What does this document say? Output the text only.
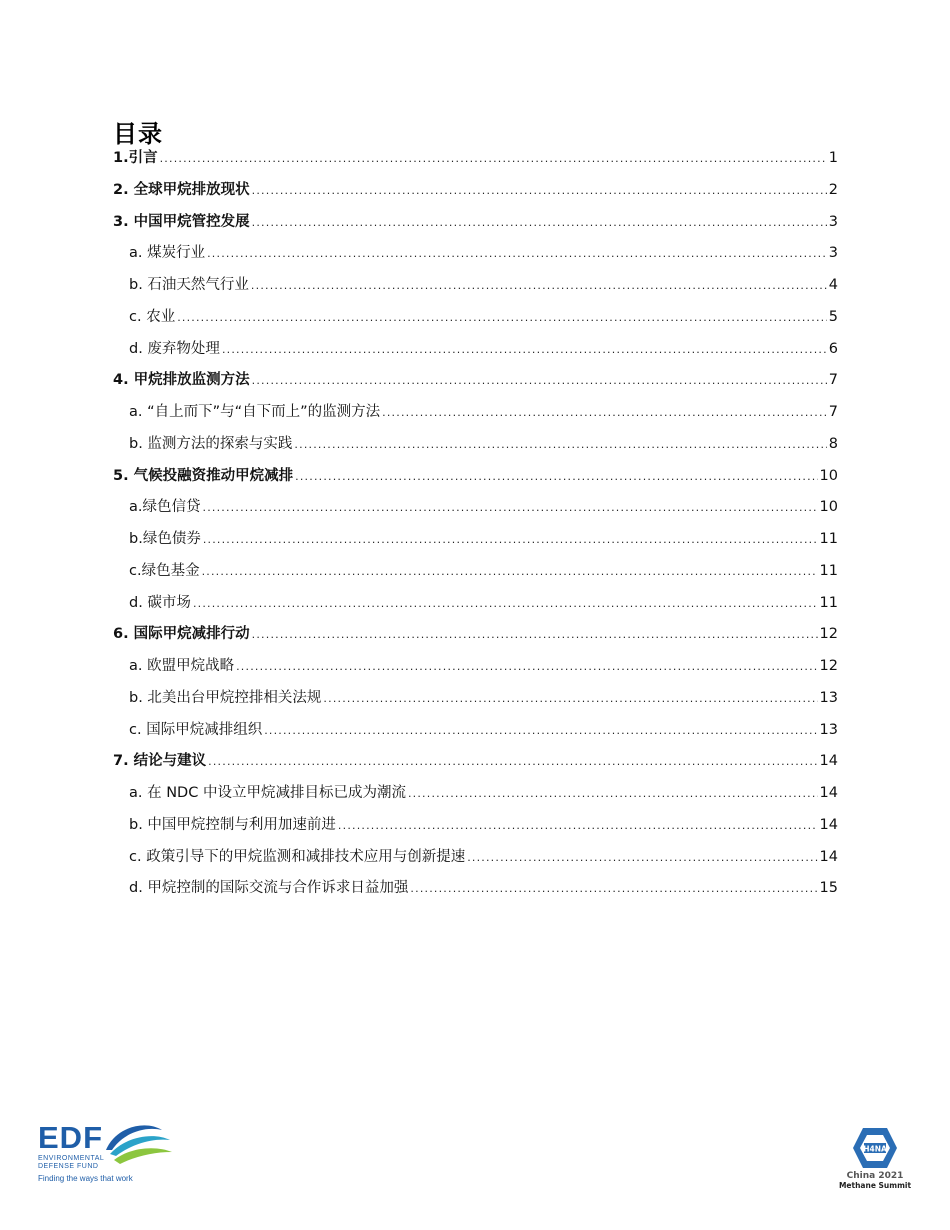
目录
1.引言 .....	1
2. 全球甲烷排放现状 .....	2
3. 中国甲烷管控发展 .....	3
a. 煤炭行业 .....	3
b. 石油天然气行业 .....	4
c. 农业 .....	5
d. 废弃物处理 .....	6
4. 甲烷排放监测方法 .....	7
a. “自上而下”与“自下而上”的监测方法 .....	7
b. 监测方法的探索与实践 .....	8
5. 气候投融资推动甲烷减排 .....	10
a.绿色信贷 .....	10
b.绿色债券 .....	11
c.绿色基金 .....	11
d. 碳市场 .....	11
6. 国际甲烷减排行动 .....	12
a. 欧盟甲烷战略 .....	12
b. 北美出台甲烷控排相关法规 .....	13
c. 国际甲烷减排组织 .....	13
7. 结论与建议 .....	14
a. 在 NDC 中设立甲烷减排目标已成为潮流 .....	14
b. 中国甲烷控制与利用加速前进 .....	14
c. 政策引导下的甲烷监测和减排技术应用与创新提速 .....	14
d. 甲烷控制的国际交流与合作诉求日益加强 .....	15
EDF
ENVIRONMENTAL
DEFENSE FUND
Finding the ways that work
H4NA
China 2021
Methane Summit
